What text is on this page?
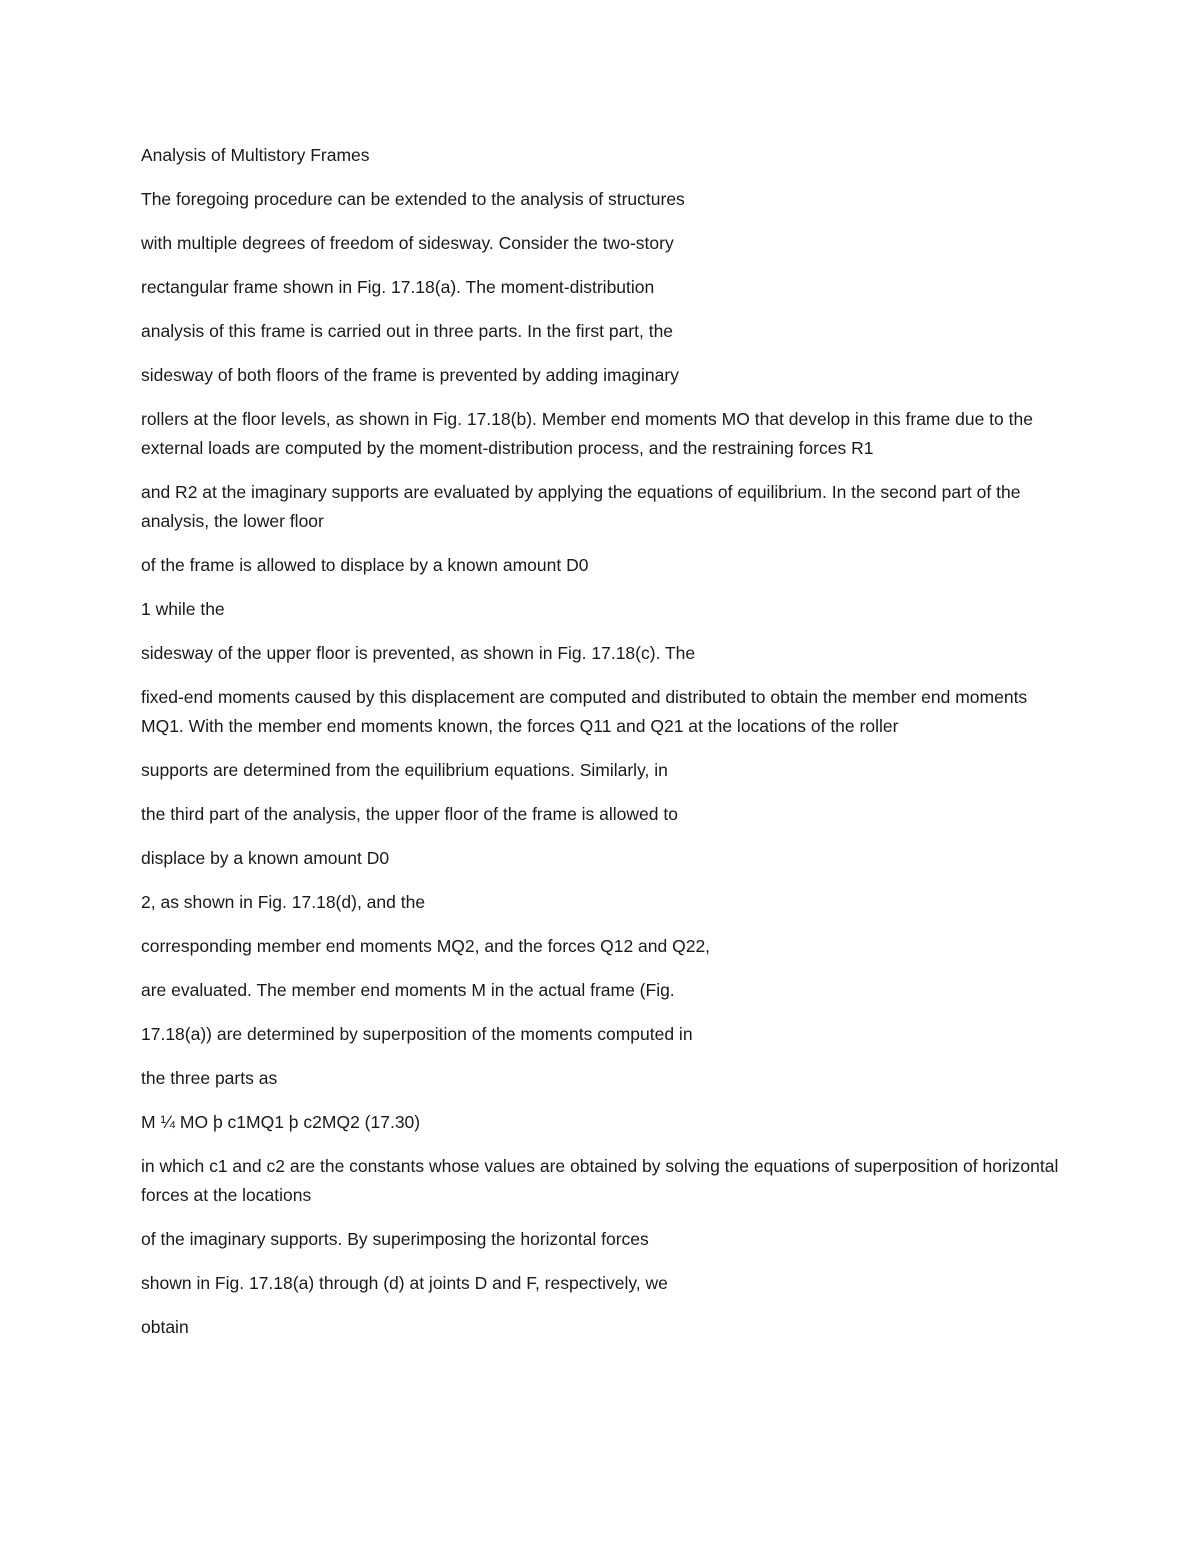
Analysis of Multistory Frames

The foregoing procedure can be extended to the analysis of structures

with multiple degrees of freedom of sidesway. Consider the two-story

rectangular frame shown in Fig. 17.18(a). The moment-distribution

analysis of this frame is carried out in three parts. In the first part, the

sidesway of both floors of the frame is prevented by adding imaginary

rollers at the floor levels, as shown in Fig. 17.18(b). Member end moments MO that develop in this frame due to the external loads are computed by the moment-distribution process, and the restraining forces R1

and R2 at the imaginary supports are evaluated by applying the equations of equilibrium. In the second part of the analysis, the lower floor

of the frame is allowed to displace by a known amount D0

1 while the

sidesway of the upper floor is prevented, as shown in Fig. 17.18(c). The

fixed-end moments caused by this displacement are computed and distributed to obtain the member end moments MQ1. With the member end moments known, the forces Q11 and Q21 at the locations of the roller

supports are determined from the equilibrium equations. Similarly, in

the third part of the analysis, the upper floor of the frame is allowed to

displace by a known amount D0

2, as shown in Fig. 17.18(d), and the

corresponding member end moments MQ2, and the forces Q12 and Q22,

are evaluated. The member end moments M in the actual frame (Fig.

17.18(a)) are determined by superposition of the moments computed in

the three parts as

M ¼ MO þ c1MQ1 þ c2MQ2 (17.30)

in which c1 and c2 are the constants whose values are obtained by solving the equations of superposition of horizontal forces at the locations

of the imaginary supports. By superimposing the horizontal forces

shown in Fig. 17.18(a) through (d) at joints D and F, respectively, we

obtain
